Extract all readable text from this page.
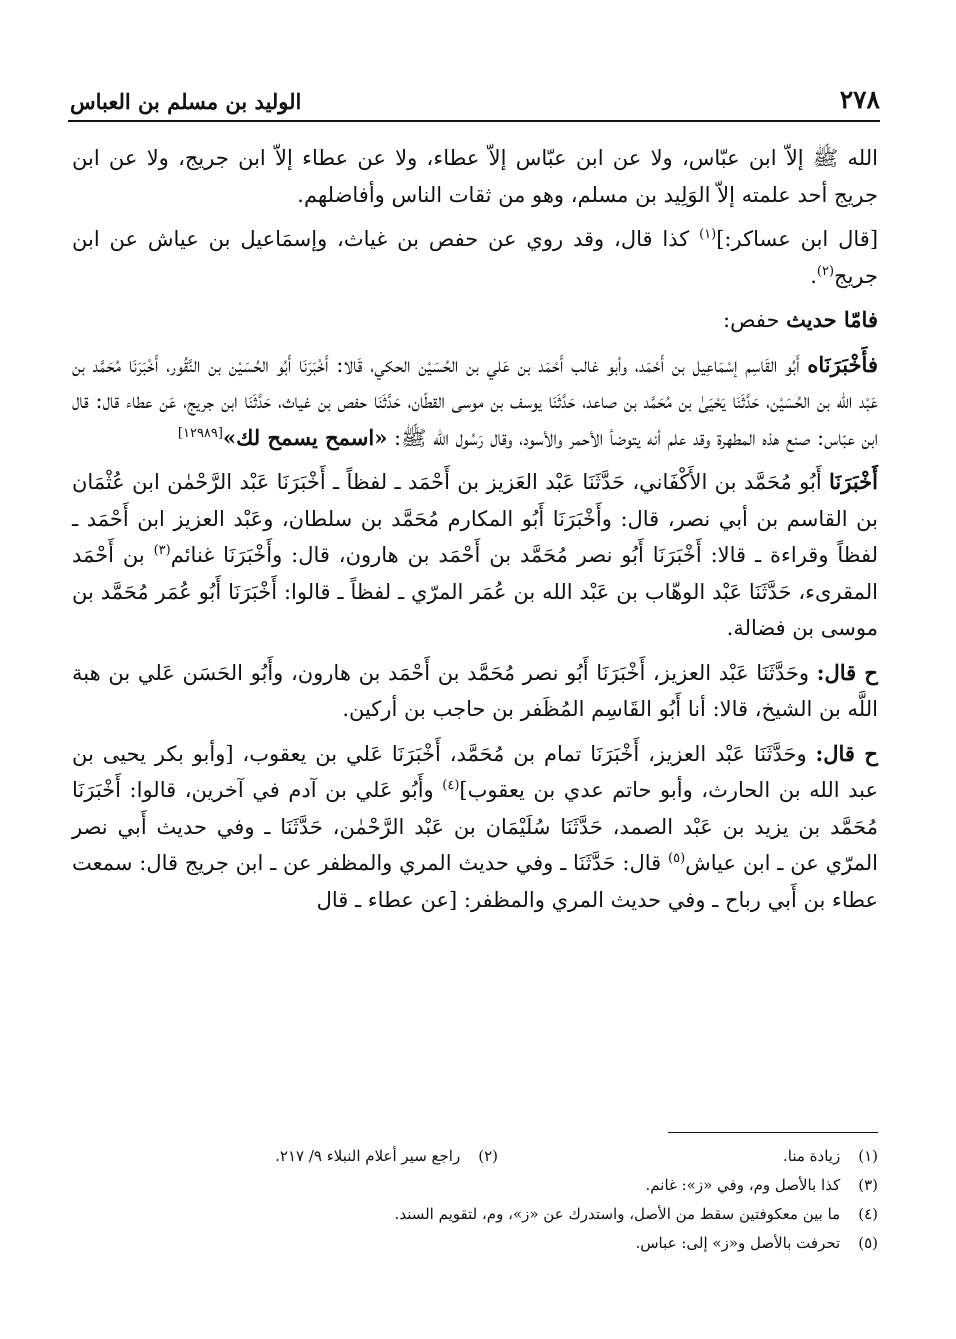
٢٧٨
الوليد بن مسلم بن العباس

الله ﷺ إلاّ ابن عبّاس، ولا عن ابن عبّاس إلاّ عطاء، ولا عن عطاء إلاّ ابن جريج، ولا عن ابن جريج أحد علمته إلاّ الوَلِيد بن مسلم، وهو من ثقات الناس وأفاضلهم.

[قال ابن عساكر:]$^{(١)}$ كذا قال، وقد روي عن حفص بن غياث، وإسمَاعيل بن عياش عن ابن جريج$^{(٢)}$.

فامّا حديث حفص:

فأَخْبَرَنَاه أَبُو القَاسِم إسْمَاعِيل بن أَحْمَد، وأبو غالب أَحْمَد بن عَلي بن الحُسَيْن الحكي، قَالا: أَخْبَرَنَا أَبُو الحُسَيْن بن النَّقُور، أَخْبَرَنَا مُحَمَّد بن عَبْد الله بن الحُسَيْن، حَدَّثَنَا يَحْيَىٰ بن مُحَمَّد بن صاعد، حَدَّثَنَا يوسف بن موسى القطّان، حَدَّثَنَا حفص بن غياث، حَدَّثَنَا ابن جريج، عَن عطاء قال: قال ابن عبّاس: صنع هذه المطهرة وقد علم أنه يتوضأ الأحمر والأسود، وقال رَسُول الله ﷺ: «اسمح يسمح لك»[١٢٩٨٩]

أَخْبَرَنَا أَبُو مُحَمَّد بن الأَكْفَاني، حَدَّثَنَا عَبْد العَزيز بن أَحْمَد ـ لفظاً ـ أَخْبَرَنَا عَبْد الرَّحْمٰن ابن عُثْمَان بن القاسم بن أبي نصر، قال: وأَخْبَرَنَا أَبُو المكارم مُحَمَّد بن سلطان، وعَبْد العزيز ابن أَحْمَد ـ لفظاً وقراءة ـ قالا: أَخْبَرَنَا أَبُو نصر مُحَمَّد بن أَحْمَد بن هارون، قال: وأَخْبَرَنَا غنائم$^{(٣)}$ بن أَحْمَد المقرىء، حَدَّثَنَا عَبْد الوهّاب بن عَبْد الله بن عُمَر المرّي ـ لفظاً ـ قالوا: أَخْبَرَنَا أَبُو عُمَر مُحَمَّد بن موسى بن فضالة.

ح قال: وحَدَّثَنَا عَبْد العزيز، أَخْبَرَنَا أَبُو نصر مُحَمَّد بن أَحْمَد بن هارون، وأَبُو الحَسَن عَلي بن هبة اللَّه بن الشيخ، قالا: أنا أَبُو القَاسِم المُظَفر بن حاجب بن أركين.

ح قال: وحَدَّثَنَا عَبْد العزيز، أَخْبَرَنَا تمام بن مُحَمَّد، أَخْبَرَنَا عَلي بن يعقوب، [وأبو بكر يحيى بن عبد الله بن الحارث، وأبو حاتم عدي بن يعقوب]$^{(٤)}$ وأَبُو عَلي بن آدم في آخرين، قالوا: أَخْبَرَنَا مُحَمَّد بن يزيد بن عَبْد الصمد، حَدَّثَنَا سُلَيْمَان بن عَبْد الرَّحْمٰن، حَدَّثَنَا ـ وفي حديث أَبي نصر المرّي عن ـ ابن عياش$^{(٥)}$ قال: حَدَّثَنَا ـ وفي حديث المري والمظفر عن ـ ابن جريج قال: سمعت عطاء بن أَبي رباح ـ وفي حديث المري والمظفر: [عن عطاء ـ قال

(١)
زيادة منا.
(٢)
راجع سير أعلام النبلاء ٩/ ٢١٧.
(٣)
كذا بالأصل وم، وفي «ز»: غانم.
(٤)
ما بين معكوفتين سقط من الأصل، واستدرك عن «ز»، وم، لتقويم السند.
(٥)
تحرفت بالأصل و«ز» إلى: عباس.
